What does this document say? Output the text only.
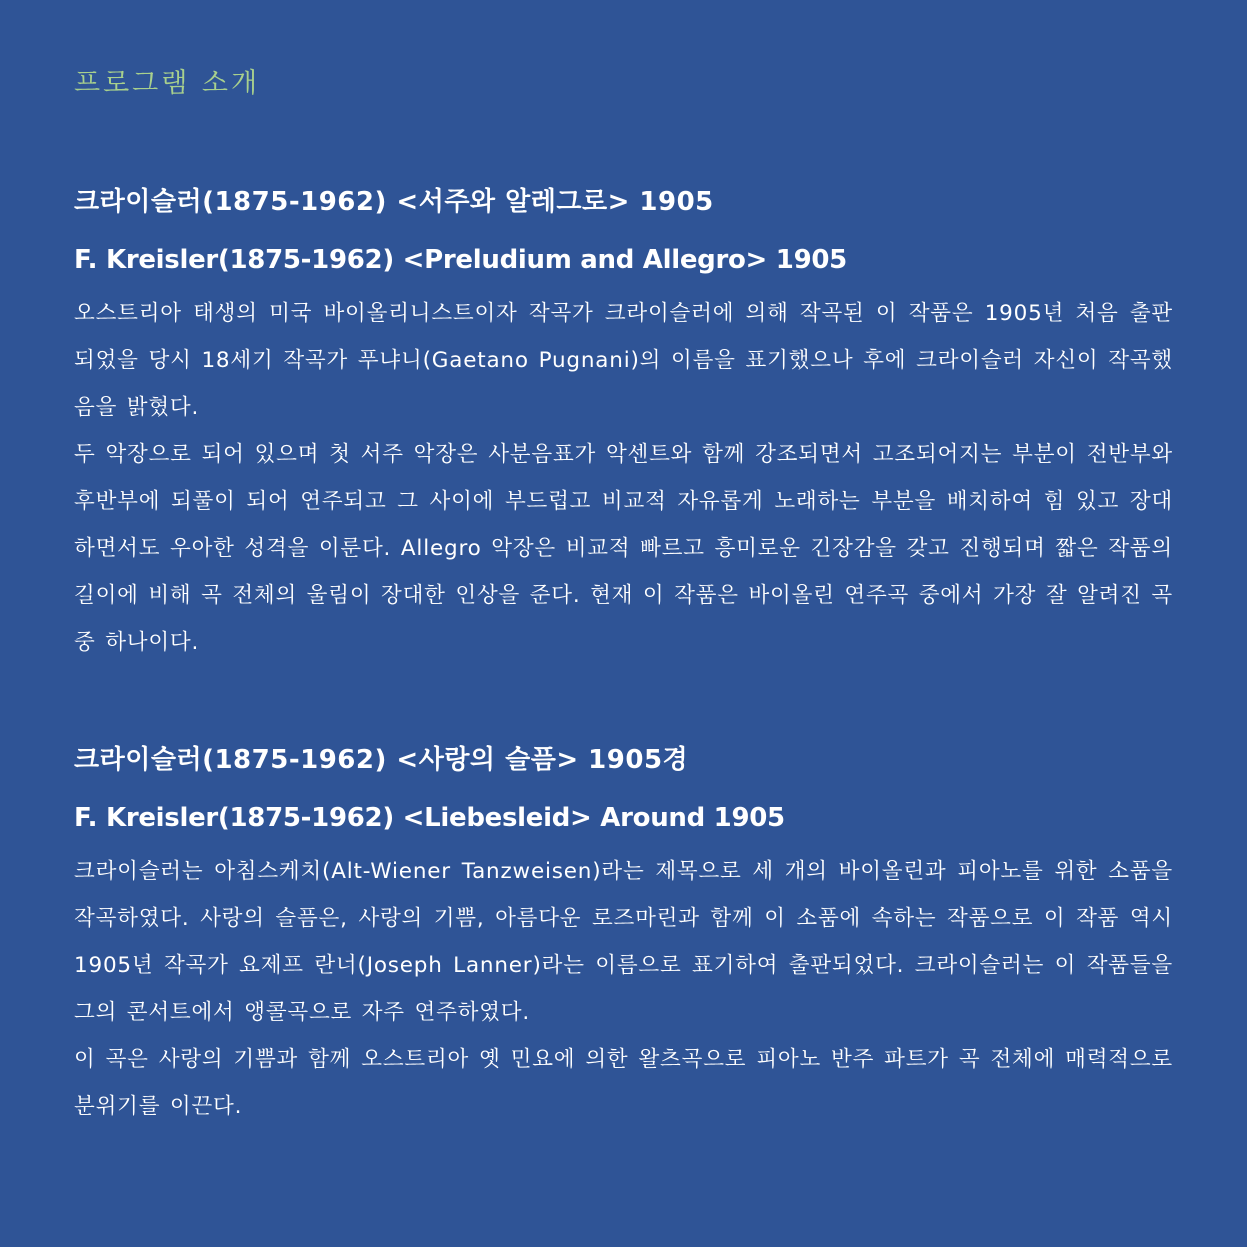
프로그램 소개
크라이슬러(1875-1962) <서주와 알레그로> 1905
F. Kreisler(1875-1962) <Preludium and Allegro> 1905

오스트리아 태생의 미국 바이올리니스트이자 작곡가 크라이슬러에 의해 작곡된 이 작품은 1905년 처음 출판되었을 당시 18세기 작곡가 푸냐니(Gaetano Pugnani)의 이름을 표기했으나 후에 크라이슬러 자신이 작곡했음을 밝혔다.

두 악장으로 되어 있으며 첫 서주 악장은 사분음표가 악센트와 함께 강조되면서 고조되어지는 부분이 전반부와 후반부에 되풀이 되어 연주되고 그 사이에 부드럽고 비교적 자유롭게 노래하는 부분을 배치하여 힘 있고 장대하면서도 우아한 성격을 이룬다. Allegro 악장은 비교적 빠르고 흥미로운 긴장감을 갖고 진행되며 짧은 작품의 길이에 비해 곡 전체의 울림이 장대한 인상을 준다. 현재 이 작품은 바이올린 연주곡 중에서 가장 잘 알려진 곡 중 하나이다.

크라이슬러(1875-1962) <사랑의 슬픔> 1905경
F. Kreisler(1875-1962) <Liebesleid> Around 1905

크라이슬러는 아침스케치(Alt-Wiener Tanzweisen)라는 제목으로 세 개의 바이올린과 피아노를 위한 소품을 작곡하였다. 사랑의 슬픔은, 사랑의 기쁨, 아름다운 로즈마린과 함께 이 소품에 속하는 작품으로 이 작품 역시 1905년 작곡가 요제프 란너(Joseph Lanner)라는 이름으로 표기하여 출판되었다. 크라이슬러는 이 작품들을 그의 콘서트에서 앵콜곡으로 자주 연주하였다.

이 곡은 사랑의 기쁨과 함께 오스트리아 옛 민요에 의한 왈츠곡으로 피아노 반주 파트가 곡 전체에 매력적으로 분위기를 이끈다.
